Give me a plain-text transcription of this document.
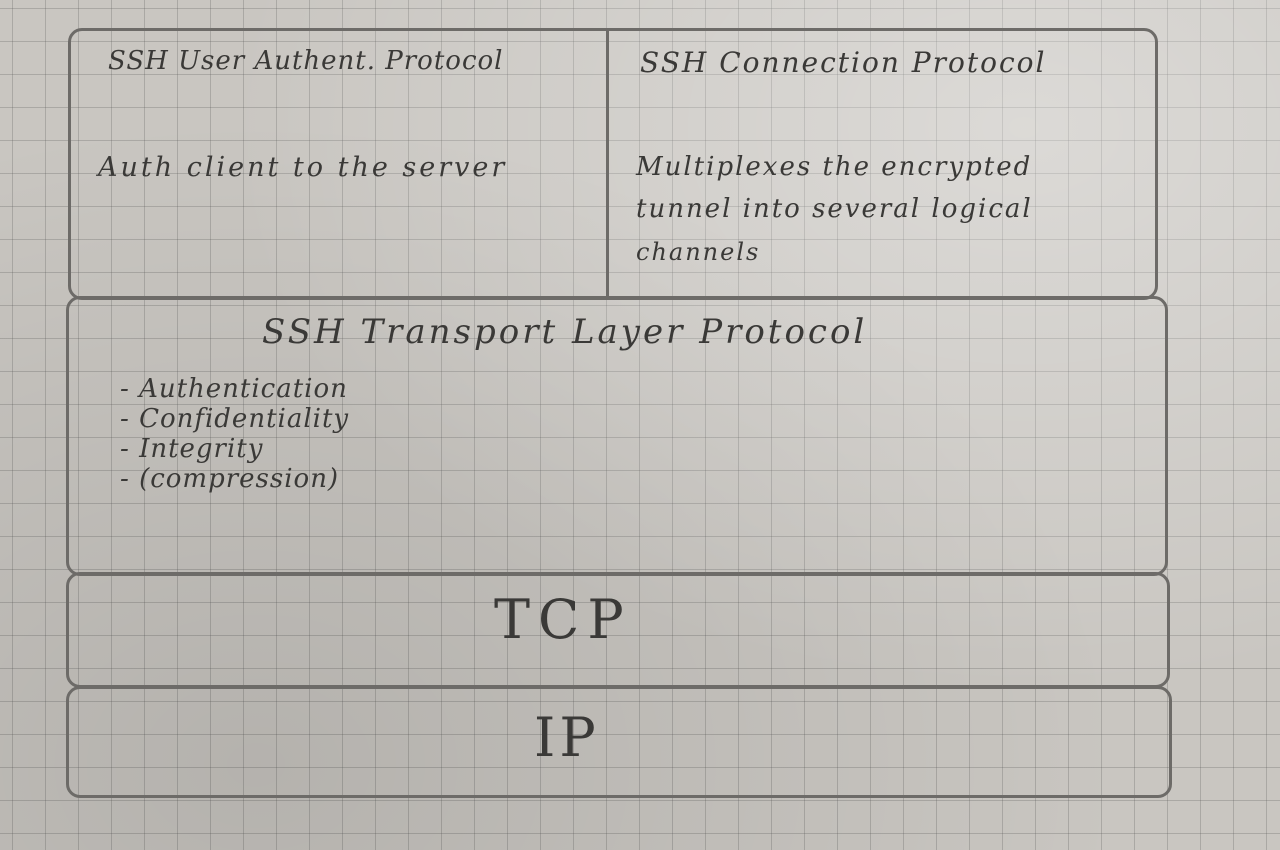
SSH User Authent. Protocol

Auth client to the server

SSH Connection Protocol

Multiplexes the encrypted

tunnel into several logical

channels

SSH Transport Layer Protocol

- Authentication
- Confidentiality
- Integrity
- (compression)

TCP

IP
